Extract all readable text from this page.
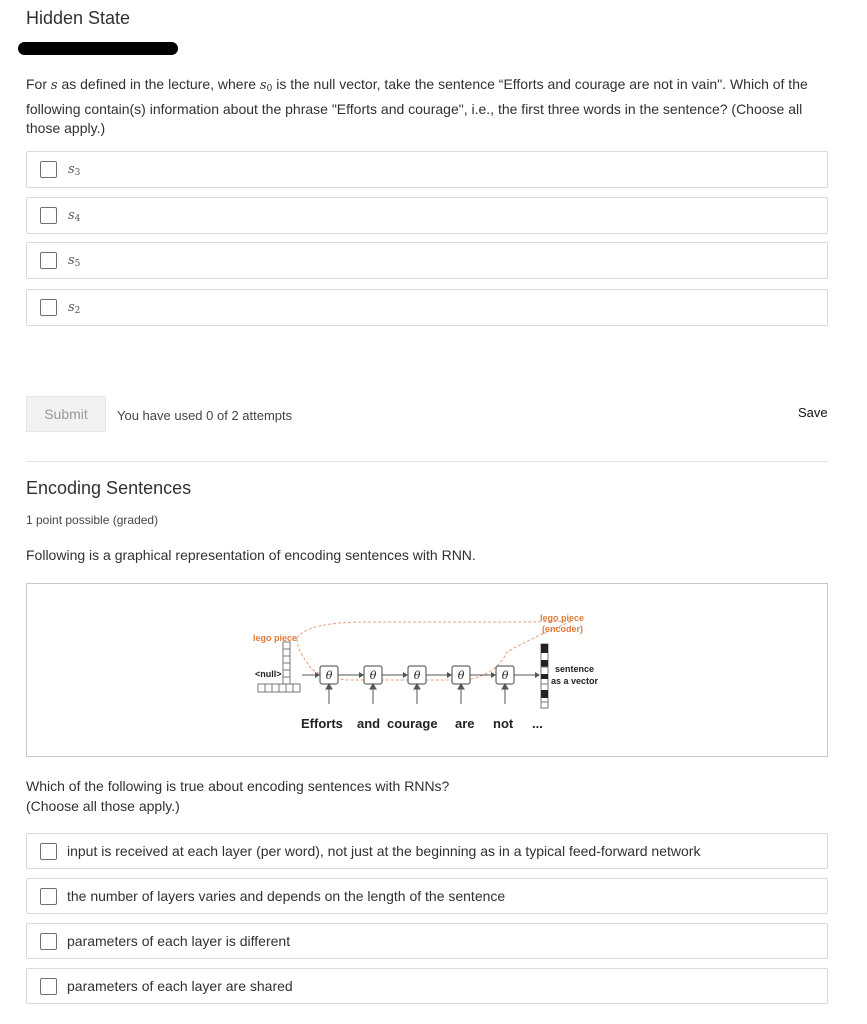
Hidden State
For s as defined in the lecture, where $s_0$ is the null vector, take the sentence “Efforts and courage are not in vain". Which of the following contain(s) information about the phrase "Efforts and courage", i.e., the first three words in the sentence? (Choose all those apply.)
$s_3$
$s_4$
$s_5$
$s_2$
Submit	You have used 0 of 2 attempts	Save
Encoding Sentences
1 point possible (graded)
Following is a graphical representation of encoding sentences with RNN.
lego piece
<null>
lego piece
(encoder)
θ	θ	θ	θ	θ	sentence
as a vector
Efforts and courage are not ...
Which of the following is true about encoding sentences with RNNs?
(Choose all those apply.)
input is received at each layer (per word), not just at the beginning as in a typical feed-forward network
the number of layers varies and depends on the length of the sentence
parameters of each layer is different
parameters of each layer are shared
